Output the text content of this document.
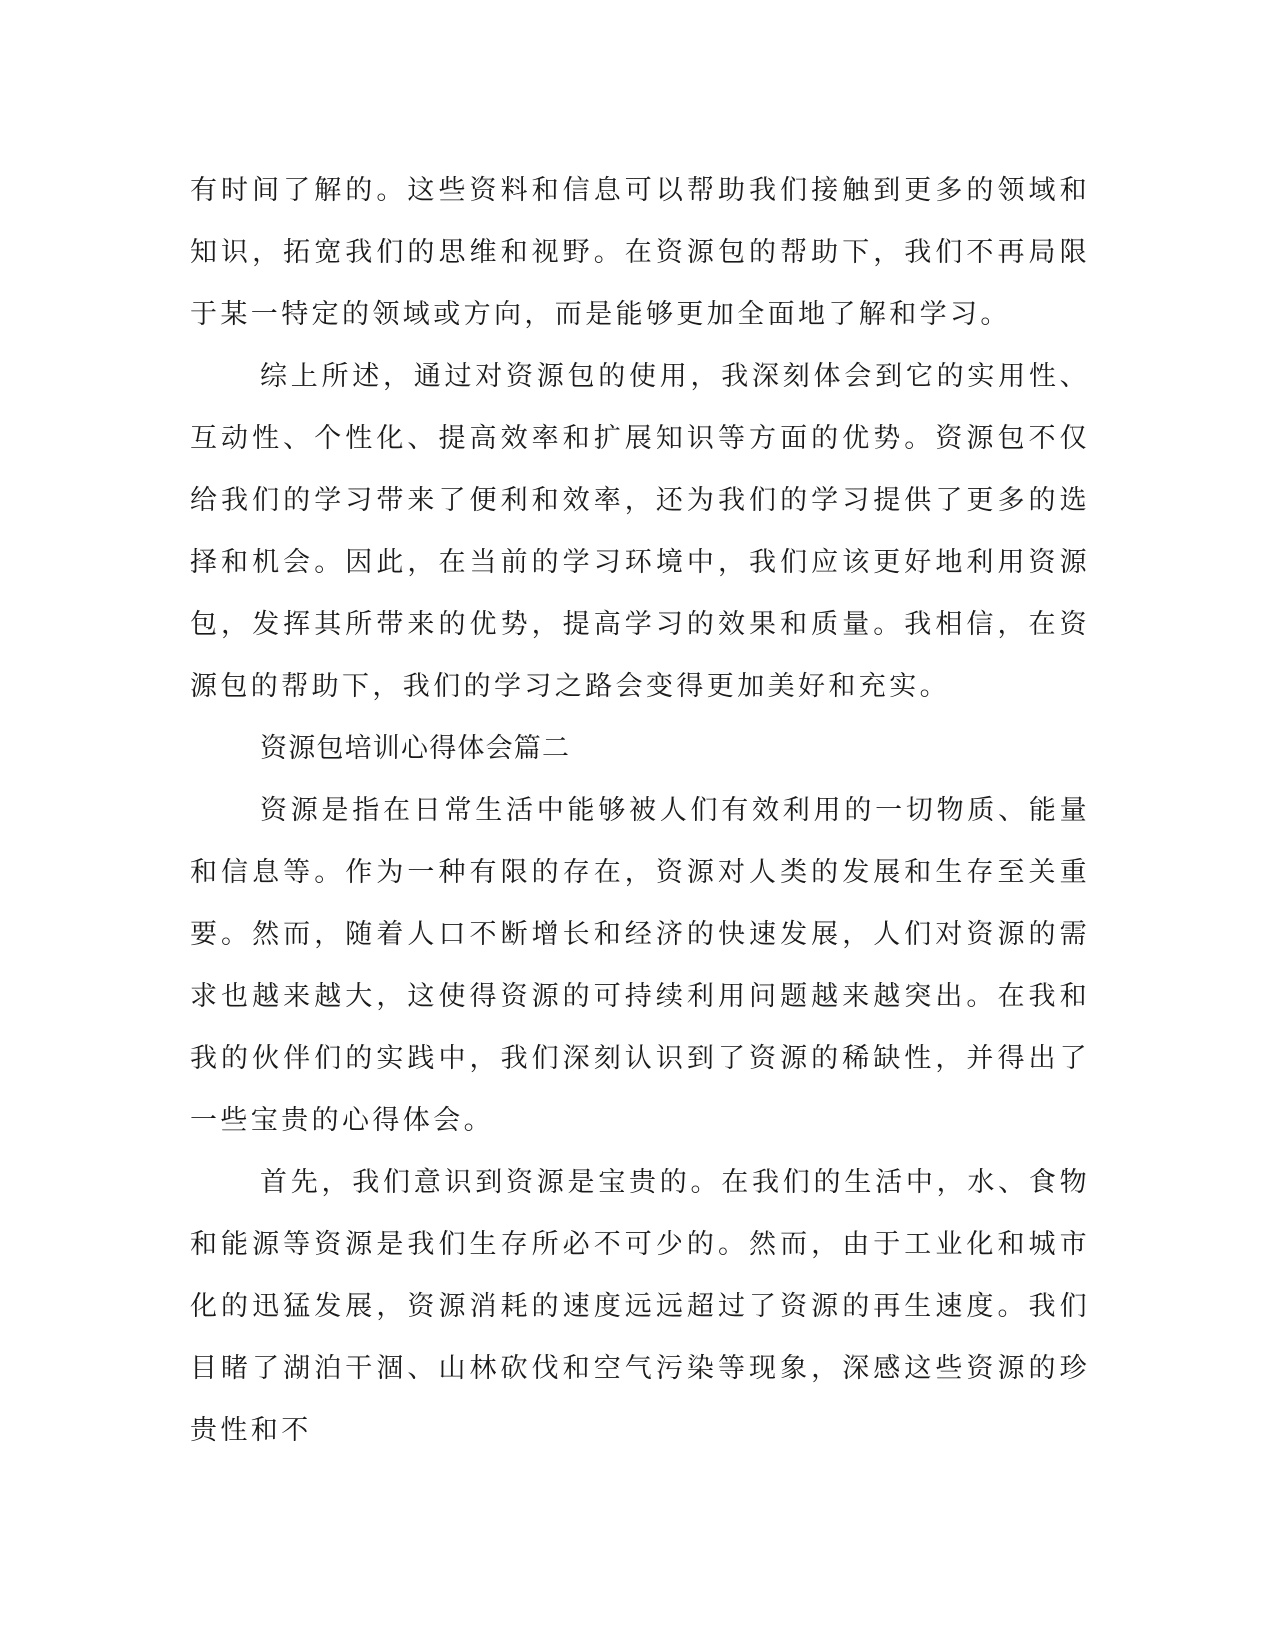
有时间了解的。这些资料和信息可以帮助我们接触到更多的领域和知识，拓宽我们的思维和视野。在资源包的帮助下，我们不再局限于某一特定的领域或方向，而是能够更加全面地了解和学习。

综上所述，通过对资源包的使用，我深刻体会到它的实用性、互动性、个性化、提高效率和扩展知识等方面的优势。资源包不仅给我们的学习带来了便利和效率，还为我们的学习提供了更多的选择和机会。因此，在当前的学习环境中，我们应该更好地利用资源包，发挥其所带来的优势，提高学习的效果和质量。我相信，在资源包的帮助下，我们的学习之路会变得更加美好和充实。

资源包培训心得体会篇二

资源是指在日常生活中能够被人们有效利用的一切物质、能量和信息等。作为一种有限的存在，资源对人类的发展和生存至关重要。然而，随着人口不断增长和经济的快速发展，人们对资源的需求也越来越大，这使得资源的可持续利用问题越来越突出。在我和我的伙伴们的实践中，我们深刻认识到了资源的稀缺性，并得出了一些宝贵的心得体会。

首先，我们意识到资源是宝贵的。在我们的生活中，水、食物和能源等资源是我们生存所必不可少的。然而，由于工业化和城市化的迅猛发展，资源消耗的速度远远超过了资源的再生速度。我们目睹了湖泊干涸、山林砍伐和空气污染等现象，深感这些资源的珍贵性和不
